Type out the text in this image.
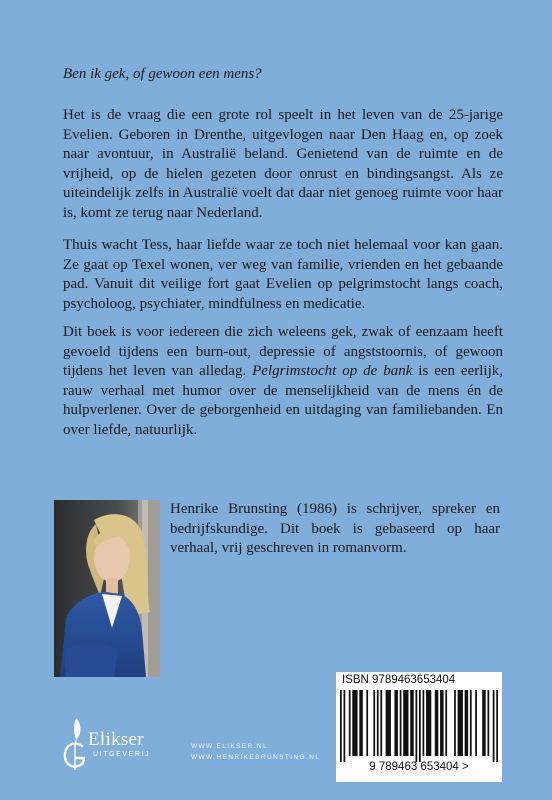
Ben ik gek, of gewoon een mens?

Het is de vraag die een grote rol speelt in het leven van de 25-jarige Evelien. Geboren in Drenthe, uitgevlogen naar Den Haag en, op zoek naar avontuur, in Australië beland. Genietend van de ruimte en de vrijheid, op de hielen gezeten door onrust en bindingsangst. Als ze uiteindelijk zelfs in Australië voelt dat daar niet genoeg ruimte voor haar is, komt ze terug naar Nederland.

Thuis wacht Tess, haar liefde waar ze toch niet helemaal voor kan gaan. Ze gaat op Texel wonen, ver weg van familie, vrienden en het gebaande pad. Vanuit dit veilige fort gaat Evelien op pelgrimstocht langs coach, psycholoog, psychiater, mindfulness en medicatie.

Dit boek is voor iedereen die zich weleens gek, zwak of eenzaam heeft gevoeld tijdens een burn-out, depressie of angststoornis, of gewoon tijdens het leven van alledag. Pelgrimstocht op de bank is een eerlijk, rauw verhaal met humor over de menselijkheid van de mens én de hulpverlener. Over de geborgenheid en uitdaging van familiebanden. En over liefde, natuurlijk.

Henrike Brunsting (1986) is schrijver, spreker en bedrijfskundige. Dit boek is gebaseerd op haar verhaal, vrij geschreven in romanvorm.

ISBN 9789463653404

9 789463 653404 >

Elikser

UITGEVERIJ

WWW.ELIKSER.NL
WWW.HENRIKEBRUNSTING.NL
